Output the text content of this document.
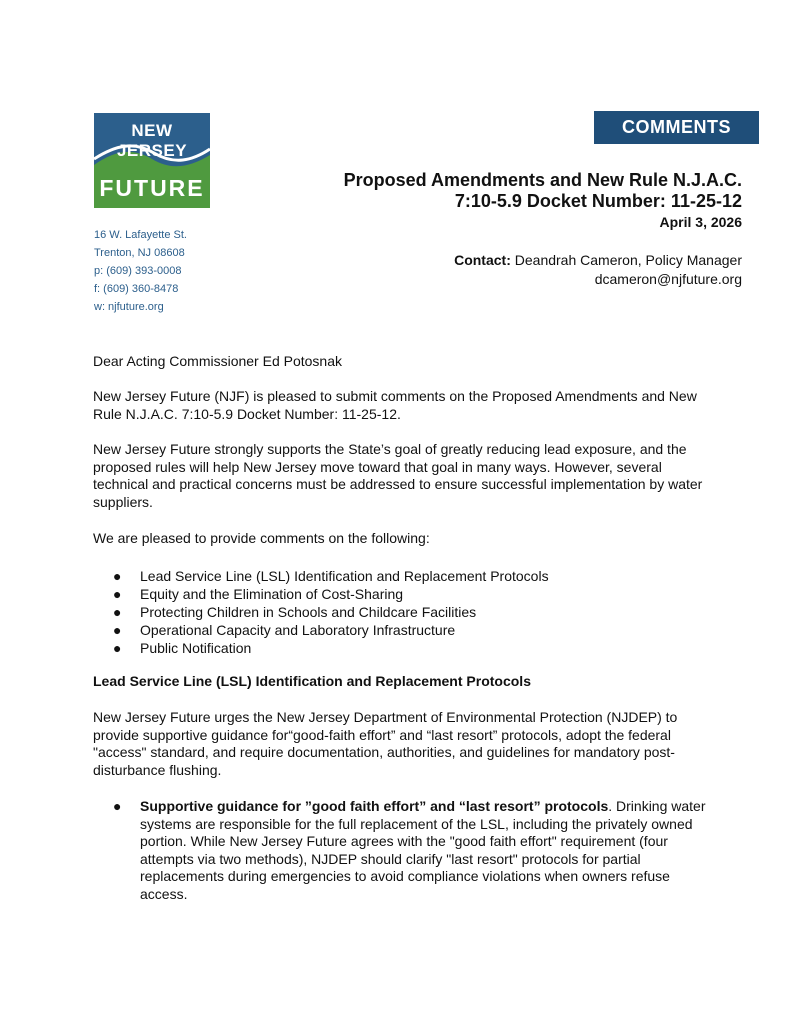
NEW JERSEY
FUTURE
16 W. Lafayette St.
Trenton, NJ 08608
p: (609) 393-0008
f: (609) 360-8478
w: njfuture.org
COMMENTS
Proposed Amendments and New Rule N.J.A.C.
7:10-5.9 Docket Number: 11-25-12
April 3, 2026
Contact: Deandrah Cameron, Policy Manager
dcameron@njfuture.org
Dear Acting Commissioner Ed Potosnak
New Jersey Future (NJF) is pleased to submit comments on the Proposed Amendments and New Rule N.J.A.C. 7:10-5.9 Docket Number: 11-25-12.
New Jersey Future strongly supports the State’s goal of greatly reducing lead exposure, and the proposed rules will help New Jersey move toward that goal in many ways. However, several technical and practical concerns must be addressed to ensure successful implementation by water suppliers.
We are pleased to provide comments on the following:
● Lead Service Line (LSL) Identification and Replacement Protocols
● Equity and the Elimination of Cost-Sharing
● Protecting Children in Schools and Childcare Facilities
● Operational Capacity and Laboratory Infrastructure
● Public Notification
Lead Service Line (LSL) Identification and Replacement Protocols
New Jersey Future urges the New Jersey Department of Environmental Protection (NJDEP) to provide supportive guidance for“good-faith effort” and “last resort” protocols, adopt the federal "access" standard, and require documentation, authorities, and guidelines for mandatory post-disturbance flushing.
●	Supportive guidance for ”good faith effort” and “last resort” protocols. Drinking water systems are responsible for the full replacement of the LSL, including the privately owned portion. While New Jersey Future agrees with the "good faith effort" requirement (four attempts via two methods), NJDEP should clarify "last resort" protocols for partial replacements during emergencies to avoid compliance violations when owners refuse access.
